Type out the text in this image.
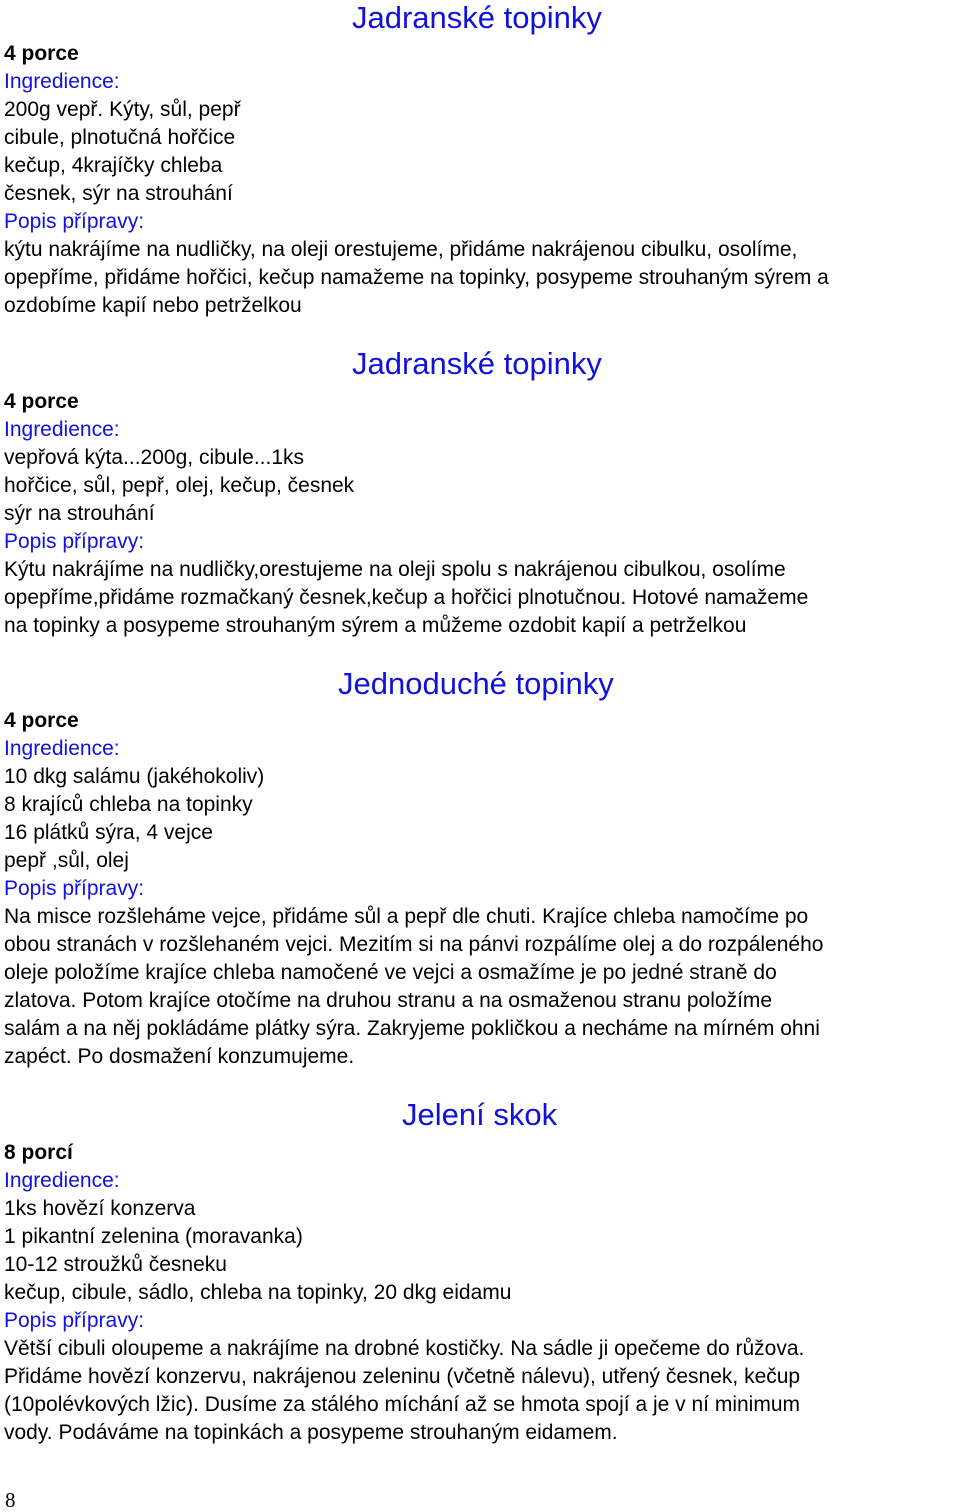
Jadranské topinky
4 porce
Ingredience:
200g vepř. Kýty, sůl, pepř
cibule, plnotučná hořčice
kečup, 4krajíčky chleba
česnek, sýr na strouhání
Popis přípravy:
kýtu nakrájíme na nudličky, na oleji orestujeme, přidáme nakrájenou cibulku, osolíme,
opepříme, přidáme hořčici, kečup namažeme na topinky, posypeme strouhaným sýrem a
ozdobíme kapií nebo petrželkou
Jadranské topinky
4 porce
Ingredience:
vepřová kýta...200g, cibule...1ks
hořčice, sůl, pepř, olej, kečup, česnek
sýr na strouhání
Popis přípravy:
Kýtu nakrájíme na nudličky,orestujeme na oleji spolu s nakrájenou cibulkou, osolíme
opepříme,přidáme rozmačkaný česnek,kečup a hořčici plnotučnou. Hotové namažeme
na topinky a posypeme strouhaným sýrem a můžeme ozdobit kapií a petrželkou
Jednoduché topinky
4 porce
Ingredience:
10 dkg salámu (jakéhokoliv)
8 krajíců chleba na topinky
16 plátků sýra, 4 vejce
pepř ,sůl, olej
Popis přípravy:
Na misce rozšleháme vejce, přidáme sůl a pepř dle chuti. Krajíce chleba namočíme po
obou stranách v rozšlehaném vejci. Mezitím si na pánvi rozpálíme olej a do rozpáleného
oleje položíme krajíce chleba namočené ve vejci a osmažíme je po jedné straně do
zlatova. Potom krajíce otočíme na druhou stranu a na osmaženou stranu položíme
salám a na něj pokládáme plátky sýra. Zakryjeme pokličkou a necháme na mírném ohni
zapéct. Po dosmažení konzumujeme.
Jelení skok
8 porcí
Ingredience:
1ks hovězí konzerva
1 pikantní zelenina (moravanka)
10-12 stroužků česneku
kečup, cibule, sádlo, chleba na topinky, 20 dkg eidamu
Popis přípravy:
Větší cibuli oloupeme a nakrájíme na drobné kostičky. Na sádle ji opečeme do růžova.
Přidáme hovězí konzervu, nakrájenou zeleninu (včetně nálevu), utřený česnek, kečup
(10polévkových lžic). Dusíme za stálého míchání až se hmota spojí a je v ní minimum
vody. Podáváme na topinkách a posypeme strouhaným eidamem.
8
